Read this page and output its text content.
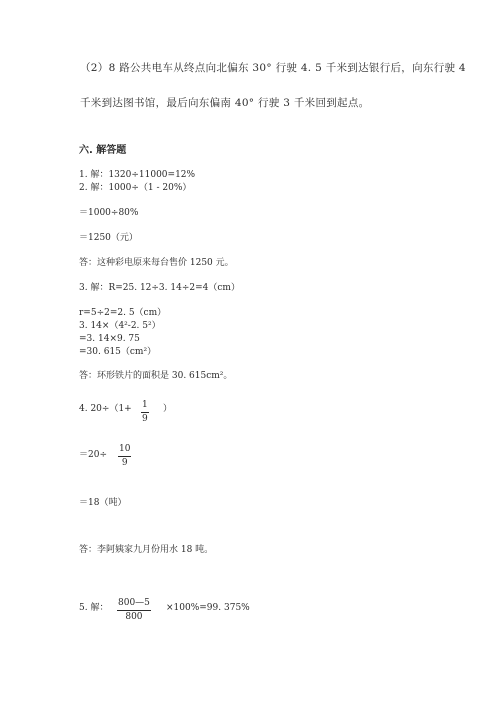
（2）8 路公共电车从终点向北偏东 30° 行驶 4. 5 千米到达银行后，向东行驶 4
千米到达图书馆，最后向东偏南 40° 行驶 3 千米回到起点。
六. 解答题
1. 解：1320÷11000=12%
2. 解：1000÷（1 - 20%）
＝1000÷80%
＝1250（元）
答：这种彩电原来每台售价 1250 元。
3. 解：R=25. 12÷3. 14÷2=4（cm）
r=5÷2=2. 5（cm）
3. 14×（4²-2. 5²）
=3. 14×9. 75
=30. 615（cm²）
答：环形铁片的面积是 30. 615cm²。
4. 20÷（1+ 1
9
）
＝20÷
10
9
＝18（吨）
答：李阿姨家九月份用水 18 吨。
5. 解： 800—5
800
×100%=99. 375%
